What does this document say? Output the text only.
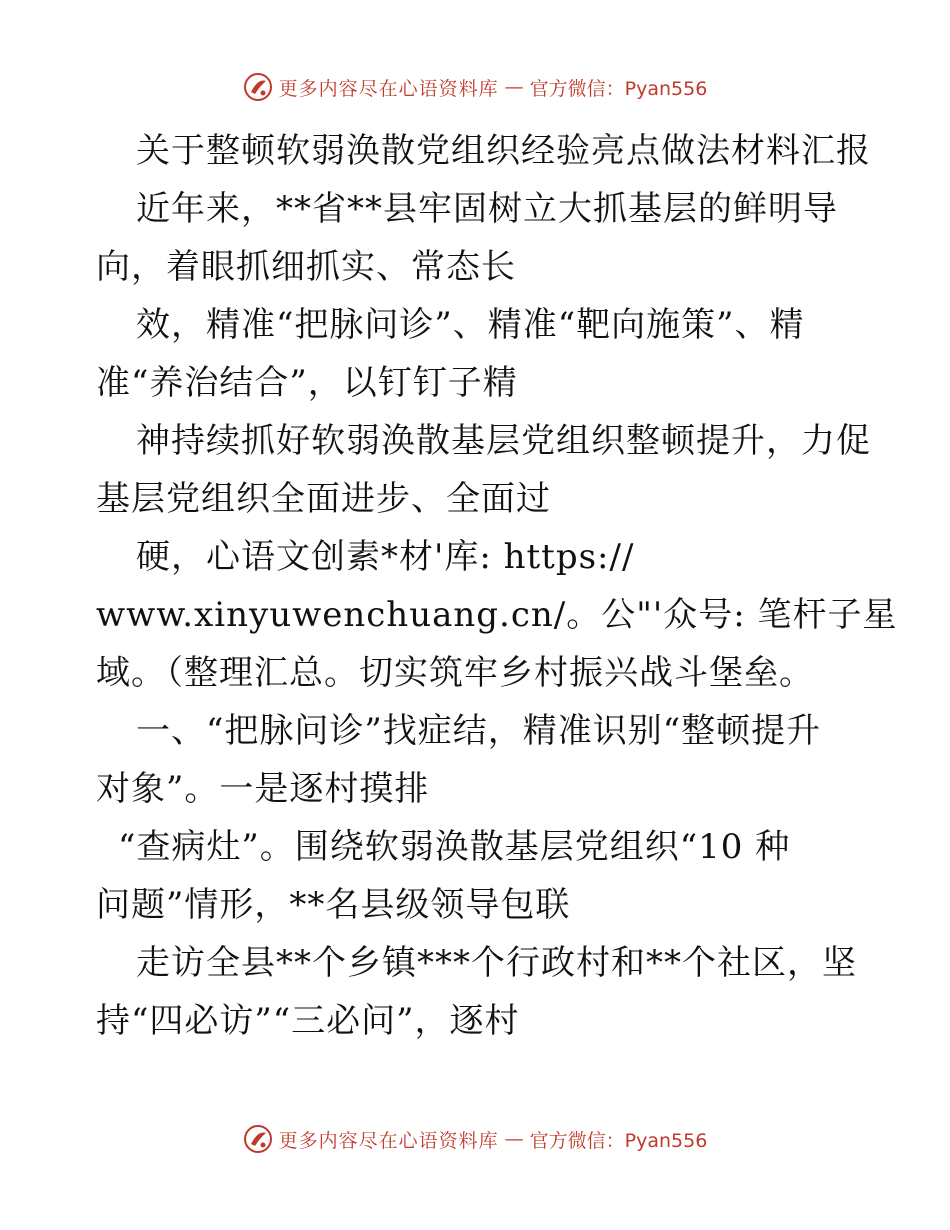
更多内容尽在心语资料库 — 官方微信：Pyan556
关于整顿软弱涣散党组织经验亮点做法材料汇报
近年来，**省**县牢固树立大抓基层的鲜明导
向，着眼抓细抓实、常态长
效，精准“把脉问诊”、精准“靶向施策”、精
准“养治结合”，以钉钉子精
神持续抓好软弱涣散基层党组织整顿提升，力促
基层党组织全面进步、全面过
硬，心语文创素*材'库: https://
www.xinyuwenchuang.cn/。公"'众号: 笔杆子星
域。（整理汇总。切实筑牢乡村振兴战斗堡垒。
一、“把脉问诊”找症结，精准识别“整顿提升
对象”。一是逐村摸排
“查病灶”。围绕软弱涣散基层党组织“10 种
问题”情形，**名县级领导包联
走访全县**个乡镇***个行政村和**个社区，坚
持“四必访”“三必问”，逐村
更多内容尽在心语资料库 — 官方微信：Pyan556
